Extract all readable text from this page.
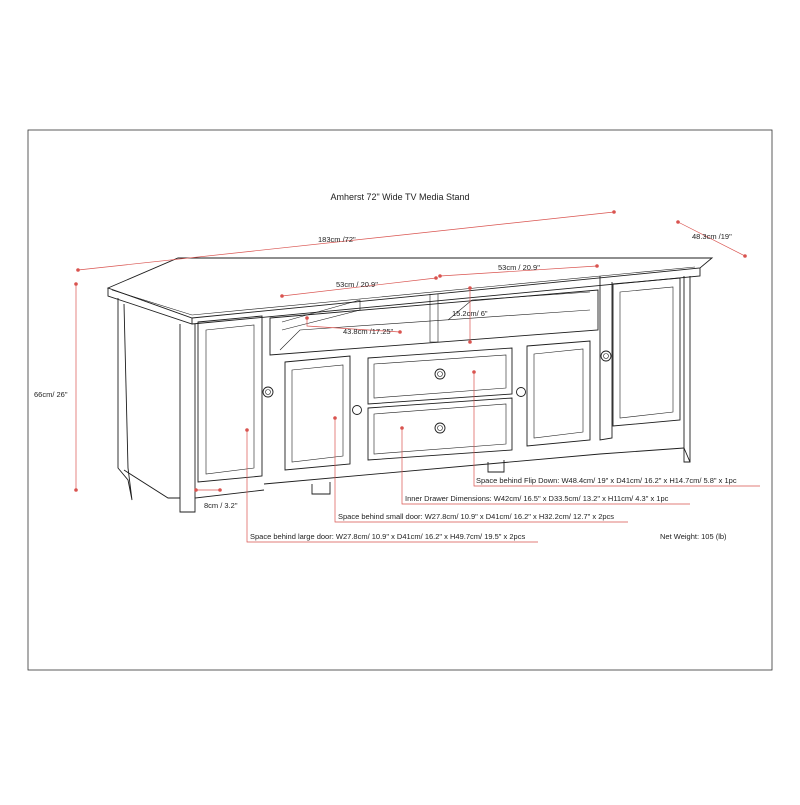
Amherst 72" Wide TV Media Stand
183cm /72"	48.3cm /19"
66cm/ 26"
53cm / 20.9"
53cm / 20.9"
43.8cm /17.25"
15.2cm/ 6"
8cm / 3.2"
Space behind Flip Down: W48.4cm/ 19" x D41cm/ 16.2" x H14.7cm/ 5.8" x 1pc
Inner Drawer Dimensions: W42cm/ 16.5" x D33.5cm/ 13.2" x H11cm/ 4.3" x 1pc
Space behind small door: W27.8cm/ 10.9" x D41cm/ 16.2" x H32.2cm/ 12.7" x 2pcs
Space behind large door: W27.8cm/ 10.9" x D41cm/ 16.2" x H49.7cm/ 19.5" x 2pcs	Net Weight: 105 (lb)
